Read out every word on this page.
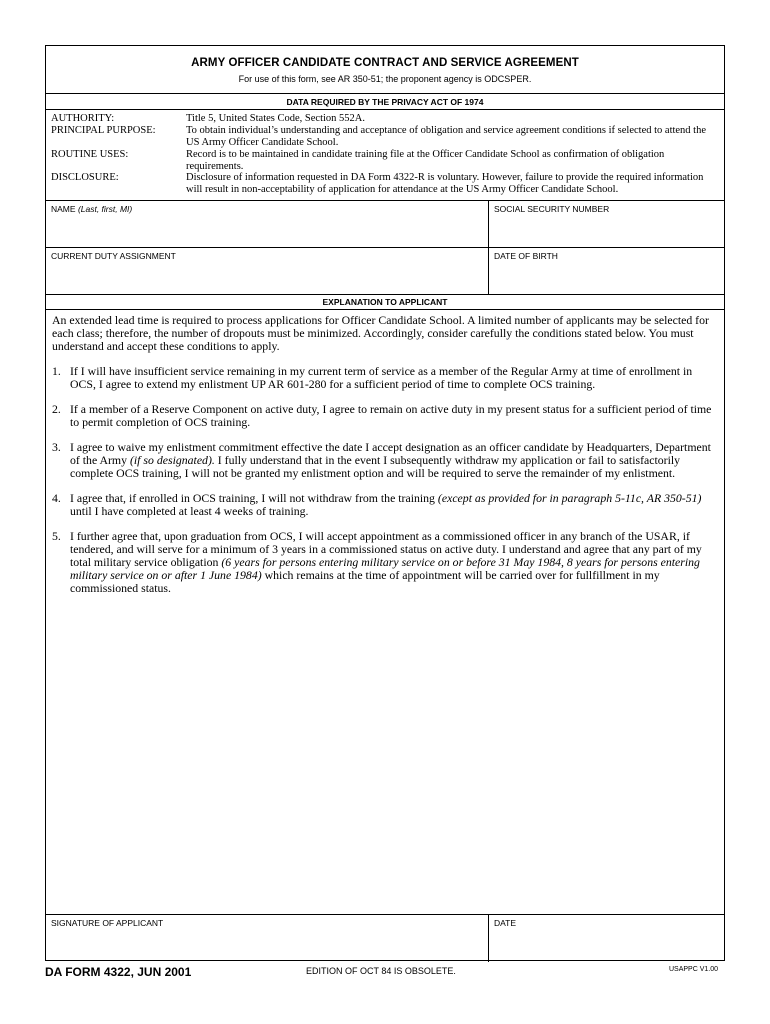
ARMY OFFICER CANDIDATE CONTRACT AND SERVICE AGREEMENT
For use of this form, see AR 350-51; the proponent agency is ODCSPER.
DATA REQUIRED BY THE PRIVACY ACT OF 1974
AUTHORITY:	Title 5, United States Code, Section 552A.
PRINCIPAL PURPOSE:	To obtain individual’s understanding and acceptance of obligation and service agreement conditions if selected to attend the US Army Officer Candidate School.
ROUTINE USES:	Record is to be maintained in candidate training file at the Officer Candidate School as confirmation of obligation requirements.
DISCLOSURE:	Disclosure of information requested in DA Form 4322-R is voluntary. However, failure to provide the required information will result in non-acceptability of application for attendance at the US Army Officer Candidate School.
NAME (Last, first, MI)	SOCIAL SECURITY NUMBER
CURRENT DUTY ASSIGNMENT	DATE OF BIRTH
EXPLANATION TO APPLICANT

An extended lead time is required to process applications for Officer Candidate School. A limited number of applicants may be selected for each class; therefore, the number of dropouts must be minimized. Accordingly, consider carefully the conditions stated below. You must understand and accept these conditions to apply.

1. If I will have insufficient service remaining in my current term of service as a member of the Regular Army at time of enrollment in OCS, I agree to extend my enlistment UP AR 601-280 for a sufficient period of time to complete OCS training.
2. If a member of a Reserve Component on active duty, I agree to remain on active duty in my present status for a sufficient period of time to permit completion of OCS training.
3. I agree to waive my enlistment commitment effective the date I accept designation as an officer candidate by Headquarters, Department of the Army (if so designated). I fully understand that in the event I subsequently withdraw my application or fail to satisfactorily complete OCS training, I will not be granted my enlistment option and will be required to serve the remainder of my enlistment.
4. I agree that, if enrolled in OCS training, I will not withdraw from the training (except as provided for in paragraph 5-11c, AR 350-51) until I have completed at least 4 weeks of training.
5. I further agree that, upon graduation from OCS, I will accept appointment as a commissioned officer in any branch of the USAR, if tendered, and will serve for a minimum of 3 years in a commissioned status on active duty. I understand and agree that any part of my total military service obligation (6 years for persons entering military service on or before 31 May 1984, 8 years for persons entering military service on or after 1 June 1984) which remains at the time of appointment will be carried over for fullfillment in my commissioned status.
SIGNATURE OF APPLICANT	DATE
DA FORM 4322, JUN 2001	EDITION OF OCT 84 IS OBSOLETE.	USAPPC V1.00
